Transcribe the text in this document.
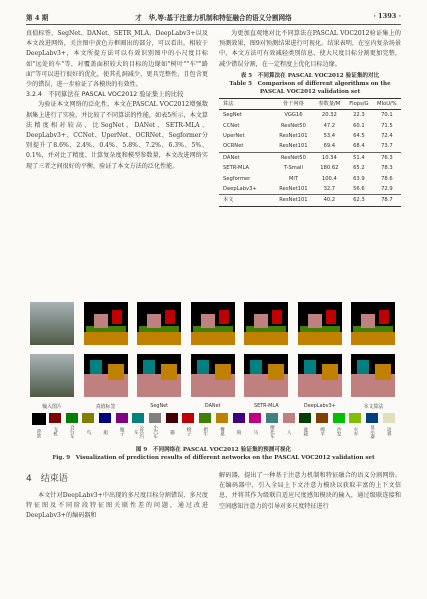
第 4 期	才　华,等:基于注意力机制和特征融合的语义分割网络	· 1393 ·

真值标签，SegNet、DANet、SETR_MLA、DeepLabv3+以及本文改进网络，关注图中黄色方框圈出的部分，可以看出，相较于DeepLabv3+，本文所提方法可以有效识别图中的小尺度目标如"远处的车"等，对覆盖面积较大的目标的边缘如"树叶""车""路面"等可以进行很好的优化，使其孔洞减少，更具完整性，且包含更少的错误，进一步验证了各模块的有效性。

3.2.4　不同算法在 PASCAL VOC2012 验证集上的比较

为验证本文网络的泛化性，本文在PASCAL VOC2012增强数据集上进行了实验，并比较了不同算法的性能，如表5所示，本文算法精度相对较高，比SegNet、DANet、SETR-MLA、DeepLabv3+、CCNet、UperNet、OCRNet、Segformer分别提升了8.6%、2.4%、0.4%、5.8%、7.2%、6.3%、5%、0.1%，并对比了精度、计算复杂度和模型参数量，本文改进网络实现了三者之间很好的平衡，验证了本文方法的泛化性能。

为更加直观地对比不同算法在PASCAL VOC2012验证集上的预测效果，图9对预测结果进行可视化。结果表明，在室内复杂场景中，本文方法可有效减轻类别信息，使大尺度目标分割更加完整，减少错误分割，在一定程度上优化目标边缘。

表 5　不同算法在 PASCAL VOC2012 验证集的对比
Table 5　Comparison of different algorithms on the PASCAL VOC2012 validation set
算法	骨干网络	参数量/M	Flops/G	MIoU/%
SegNet	VGG16	20.32	22.3	70.1
CCNet	ResNet50	47.2	60.1	71.5
UperNet	ResNet101	53.4	64.5	72.4
OCRNet	ResNet101	69.4	68.4	73.7
DANet	ResNet50	10.34	51.4	76.3
SETR-MLA	T-Small	180.62	65.2	78.3
Segformer	MiT	100.4	63.9	78.6
DeepLabv3+	ResNet101	32.7	56.6	72.9
本文	ResNet101	40.2	62.3	78.7
输入图片	真值标签	SegNet	DANet	SETR-MLA	DeepLabv3+	本文算法
背景	飞机	自行车	鸟	船	瓶子	公共汽车	小汽车	猫	椅子	奶牛	餐桌	狗	马	摩托车	人	盆栽	绵羊	沙发	火车	显示器	边界
图 9　不同网络在 PASCAL VOC2012 验证集的预测可视化
Fig. 9　Visualization of prediction results of different networks on the PASCAL VOC2012 validation set
4　结束语
本文针对DeepLabv3+中出现的多尺度目标分割错误、多尺度特征图及不同阶段特征图关联性差的问题，通过改进DeepLabv3+的编码器和
解码器，提出了一种基于注意力机制和特征融合的语义分割网络。在编码器中，引入全局上下文注意力模块以获取丰富的上下文信息，并将其作为级联自适应尺度感知模块的输入，通过级联连接和空间感知注意力的引导对多尺度特征进行
